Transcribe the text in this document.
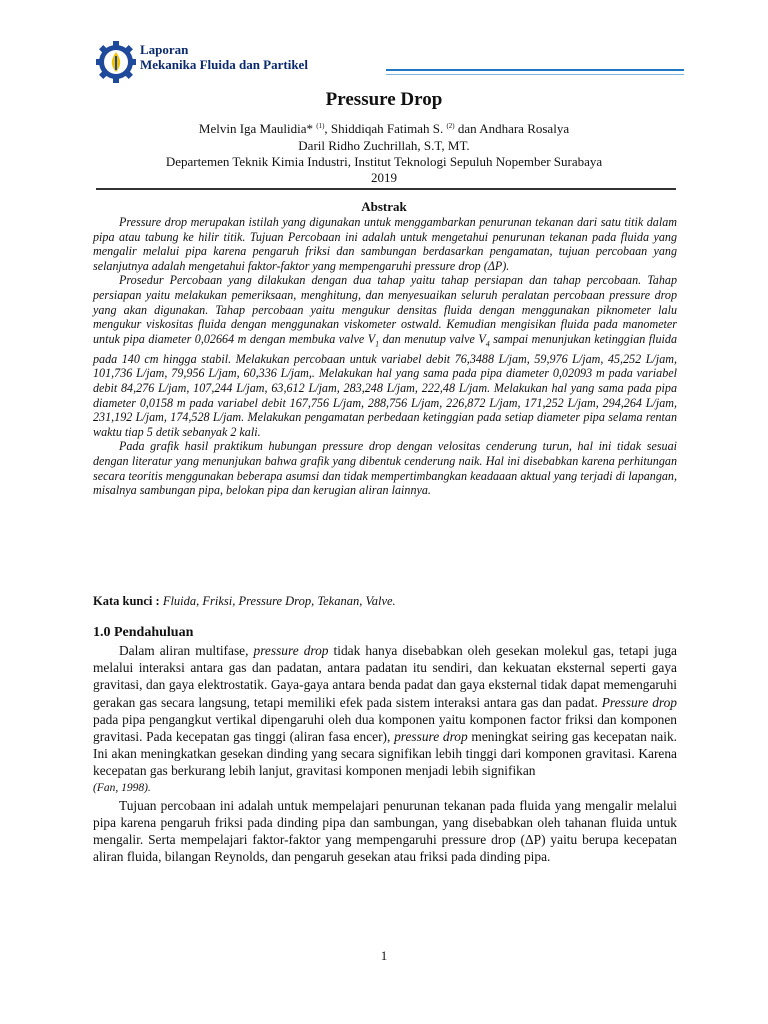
Laporan
Mekanika Fluida dan Partikel
Pressure Drop
Melvin Iga Maulidia* $^{(1)}$, Shiddiqah Fatimah S. $^{(2)}$ dan Andhara Rosalya
Daril Ridho Zuchrillah, S.T, MT.
Departemen Teknik Kimia Industri, Institut Teknologi Sepuluh Nopember Surabaya
2019
Abstrak

Pressure drop merupakan istilah yang digunakan untuk menggambarkan penurunan tekanan dari satu titik dalam pipa atau tabung ke hilir titik. Tujuan Percobaan ini adalah untuk mengetahui penurunan tekanan pada fluida yang mengalir melalui pipa karena pengaruh friksi dan sambungan berdasarkan pengamatan, tujuan percobaan yang selanjutnya adalah mengetahui faktor-faktor yang mempengaruhi pressure drop (ΔP).

Prosedur Percobaan yang dilakukan dengan dua tahap yaitu tahap persiapan dan tahap percobaan. Tahap persiapan yaitu melakukan pemeriksaan, menghitung, dan menyesuaikan seluruh peralatan percobaan pressure drop yang akan digunakan. Tahap percobaan yaitu mengukur densitas fluida dengan menggunakan piknometer lalu mengukur viskositas fluida dengan menggunakan viskometer ostwald. Kemudian mengisikan fluida pada manometer untuk pipa diameter 0,02664 m dengan membuka valve $V_1$ dan menutup valve $V_4$ sampai menunjukan ketinggian fluida pada 140 cm hingga stabil. Melakukan percobaan untuk variabel debit 76,3488 L/jam, 59,976 L/jam, 45,252 L/jam, 101,736 L/jam, 79,956 L/jam, 60,336 L/jam,. Melakukan hal yang sama pada pipa diameter 0,02093 m pada variabel debit 84,276 L/jam, 107,244 L/jam, 63,612 L/jam, 283,248 L/jam, 222,48 L/jam. Melakukan hal yang sama pada pipa diameter 0,0158 m pada variabel debit 167,756 L/jam, 288,756 L/jam, 226,872 L/jam, 171,252 L/jam, 294,264 L/jam, 231,192 L/jam, 174,528 L/jam. Melakukan pengamatan perbedaan ketinggian pada setiap diameter pipa selama rentan waktu tiap 5 detik sebanyak 2 kali.

Pada grafik hasil praktikum hubungan pressure drop dengan velositas cenderung turun, hal ini tidak sesuai dengan literatur yang menunjukan bahwa grafik yang dibentuk cenderung naik. Hal ini disebabkan karena perhitungan secara teoritis menggunakan beberapa asumsi dan tidak mempertimbangkan keadaaan aktual yang terjadi di lapangan, misalnya sambungan pipa, belokan pipa dan kerugian aliran lainnya.

Kata kunci : Fluida, Friksi, Pressure Drop, Tekanan, Valve.
1.0 Pendahuluan

Dalam aliran multifase, pressure drop tidak hanya disebabkan oleh gesekan molekul gas, tetapi juga melalui interaksi antara gas dan padatan, antara padatan itu sendiri, dan kekuatan eksternal seperti gaya gravitasi, dan gaya elektrostatik. Gaya-gaya antara benda padat dan gaya eksternal tidak dapat memengaruhi gerakan gas secara langsung, tetapi memiliki efek pada sistem interaksi antara gas dan padat. Pressure drop pada pipa pengangkut vertikal dipengaruhi oleh dua komponen yaitu komponen factor friksi dan komponen gravitasi. Pada kecepatan gas tinggi (aliran fasa encer), pressure drop meningkat seiring gas kecepatan naik. Ini akan meningkatkan gesekan dinding yang secara signifikan lebih tinggi dari komponen gravitasi. Karena kecepatan gas berkurang lebih lanjut, gravitasi komponen menjadi lebih signifikan
(Fan, 1998).

Tujuan percobaan ini adalah untuk mempelajari penurunan tekanan pada fluida yang mengalir melalui pipa karena pengaruh friksi pada dinding pipa dan sambungan, yang disebabkan oleh tahanan fluida untuk mengalir. Serta mempelajari faktor-faktor yang mempengaruhi pressure drop (ΔP) yaitu berupa kecepatan aliran fluida, bilangan Reynolds, dan pengaruh gesekan atau friksi pada dinding pipa.

1
